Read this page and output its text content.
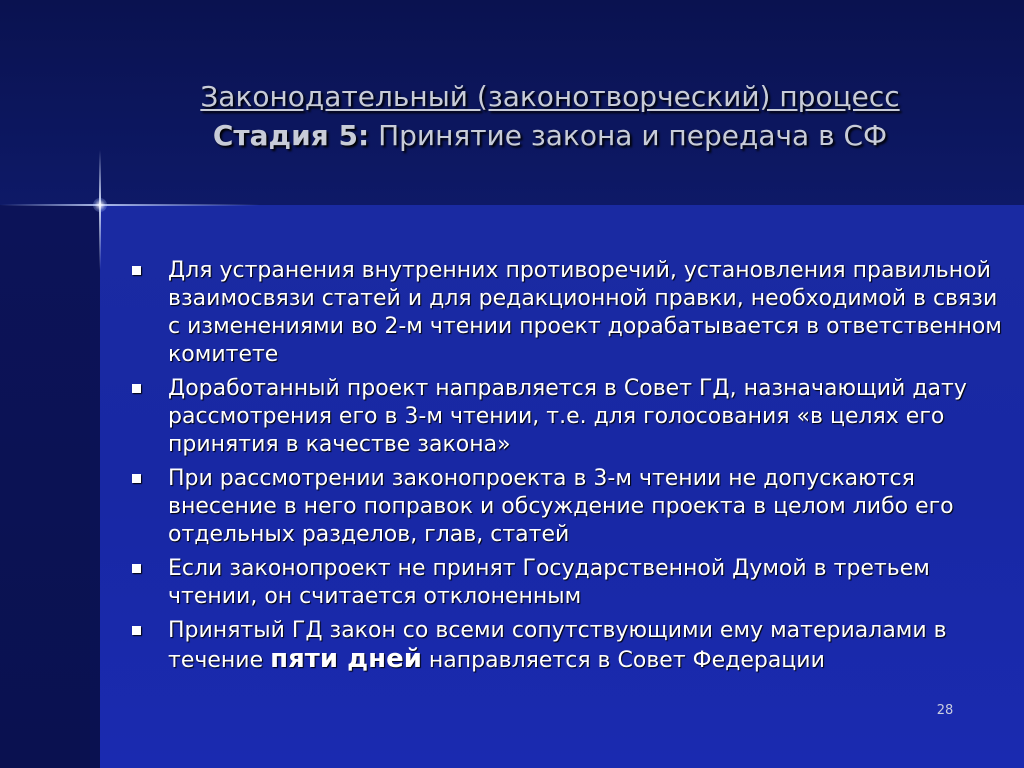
Законодательный (законотворческий) процесс
Стадия 5: Принятие закона и передача в СФ
Для устранения внутренних противоречий, установления правильной взаимосвязи статей и для редакционной правки, необходимой в связи с изменениями во 2-м чтении проект дорабатывается в ответственном комитете
Доработанный проект направляется в Совет ГД, назначающий дату рассмотрения его в 3-м чтении, т.е. для голосования «в целях его принятия в качестве закона»
При рассмотрении законопроекта в 3-м чтении не допускаются внесение в него поправок и обсуждение проекта в целом либо его отдельных разделов, глав, статей
Если законопроект не принят Государственной Думой в третьем чтении, он считается отклоненным
Принятый ГД закон со всеми сопутствующими ему материалами в течение пяти дней направляется в Совет Федерации
28
